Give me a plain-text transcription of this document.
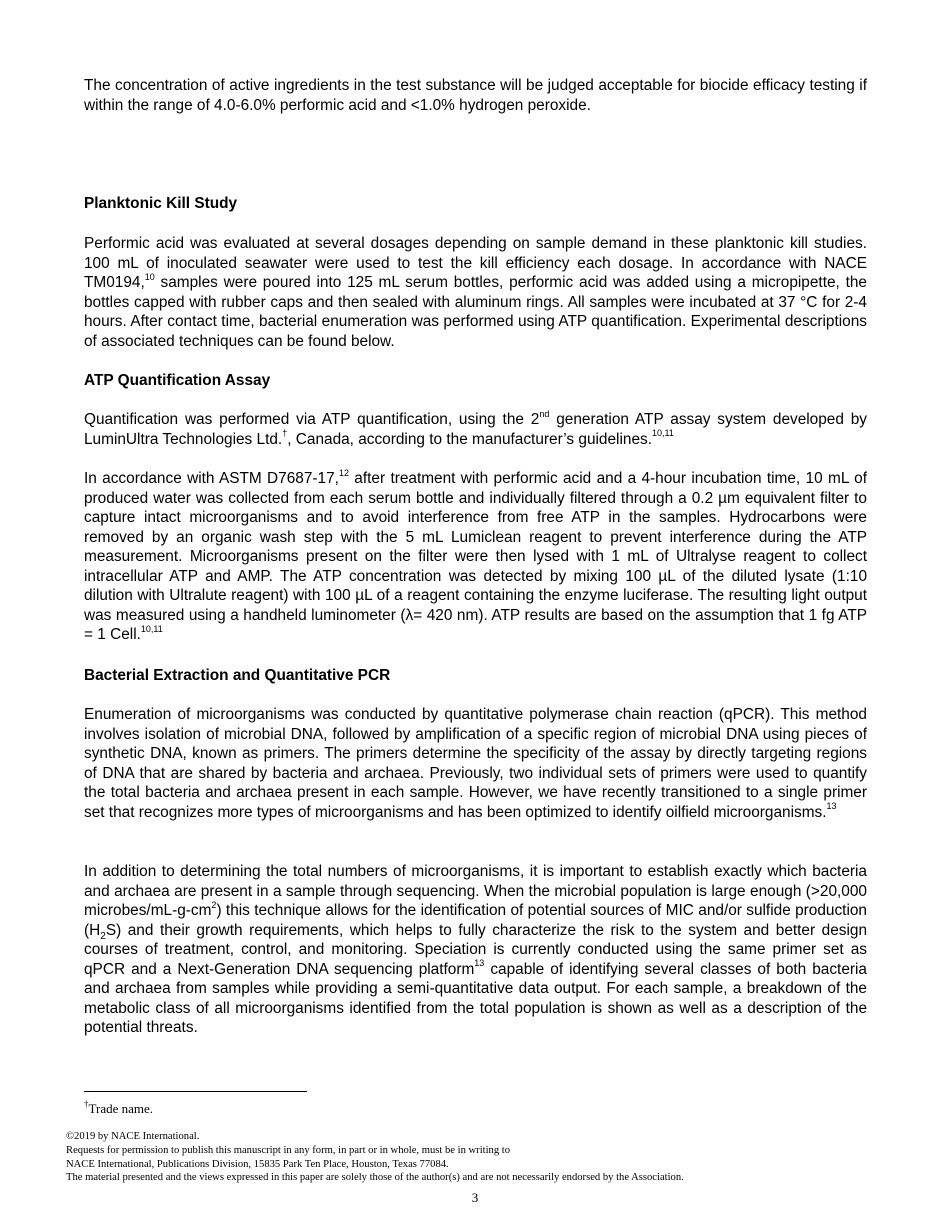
The concentration of active ingredients in the test substance will be judged acceptable for biocide efficacy testing if within the range of 4.0-6.0% performic acid and <1.0% hydrogen peroxide.

Planktonic Kill Study

Performic acid was evaluated at several dosages depending on sample demand in these planktonic kill studies. 100 mL of inoculated seawater were used to test the kill efficiency each dosage. In accordance with NACE TM0194,10 samples were poured into 125 mL serum bottles, performic acid was added using a micropipette, the bottles capped with rubber caps and then sealed with aluminum rings. All samples were incubated at 37 °C for 2-4 hours. After contact time, bacterial enumeration was performed using ATP quantification. Experimental descriptions of associated techniques can be found below.

ATP Quantification Assay

Quantification was performed via ATP quantification, using the 2nd generation ATP assay system developed by LuminUltra Technologies Ltd.†, Canada, according to the manufacturer’s guidelines.$^{10,11}$

In accordance with ASTM D7687-17,12 after treatment with performic acid and a 4-hour incubation time, 10 mL of produced water was collected from each serum bottle and individually filtered through a 0.2 µm equivalent filter to capture intact microorganisms and to avoid interference from free ATP in the samples. Hydrocarbons were removed by an organic wash step with the 5 mL Lumiclean reagent to prevent interference during the ATP measurement. Microorganisms present on the filter were then lysed with 1 mL of Ultralyse reagent to collect intracellular ATP and AMP. The ATP concentration was detected by mixing 100 µL of the diluted lysate (1:10 dilution with Ultralute reagent) with 100 µL of a reagent containing the enzyme luciferase. The resulting light output was measured using a handheld luminometer (λ= 420 nm). ATP results are based on the assumption that 1 fg ATP = 1 Cell.$^{10,11}$

Bacterial Extraction and Quantitative PCR

Enumeration of microorganisms was conducted by quantitative polymerase chain reaction (qPCR). This method involves isolation of microbial DNA, followed by amplification of a specific region of microbial DNA using pieces of synthetic DNA, known as primers. The primers determine the specificity of the assay by directly targeting regions of DNA that are shared by bacteria and archaea. Previously, two individual sets of primers were used to quantify the total bacteria and archaea present in each sample. However, we have recently transitioned to a single primer set that recognizes more types of microorganisms and has been optimized to identify oilfield microorganisms.$^{13}$

In addition to determining the total numbers of microorganisms, it is important to establish exactly which bacteria and archaea are present in a sample through sequencing. When the microbial population is large enough (>20,000 microbes/$mL-g-cm^2$) this technique allows for the identification of potential sources of MIC and/or sulfide production $(H_2S)$ and their growth requirements, which helps to fully characterize the risk to the system and better design courses of treatment, control, and monitoring. Speciation is currently conducted using the same primer set as qPCR and a Next-Generation DNA sequencing platform$^{13}$ capable of identifying several classes of both bacteria and archaea from samples while providing a semi-quantitative data output. For each sample, a breakdown of the metabolic class of all microorganisms identified from the total population is shown as well as a description of the potential threats.

†Trade name.
©2019 by NACE International.
Requests for permission to publish this manuscript in any form, in part or in whole, must be in writing to
NACE International, Publications Division, 15835 Park Ten Place, Houston, Texas 77084.
The material presented and the views expressed in this paper are solely those of the author(s) and are not necessarily endorsed by the Association.
3
